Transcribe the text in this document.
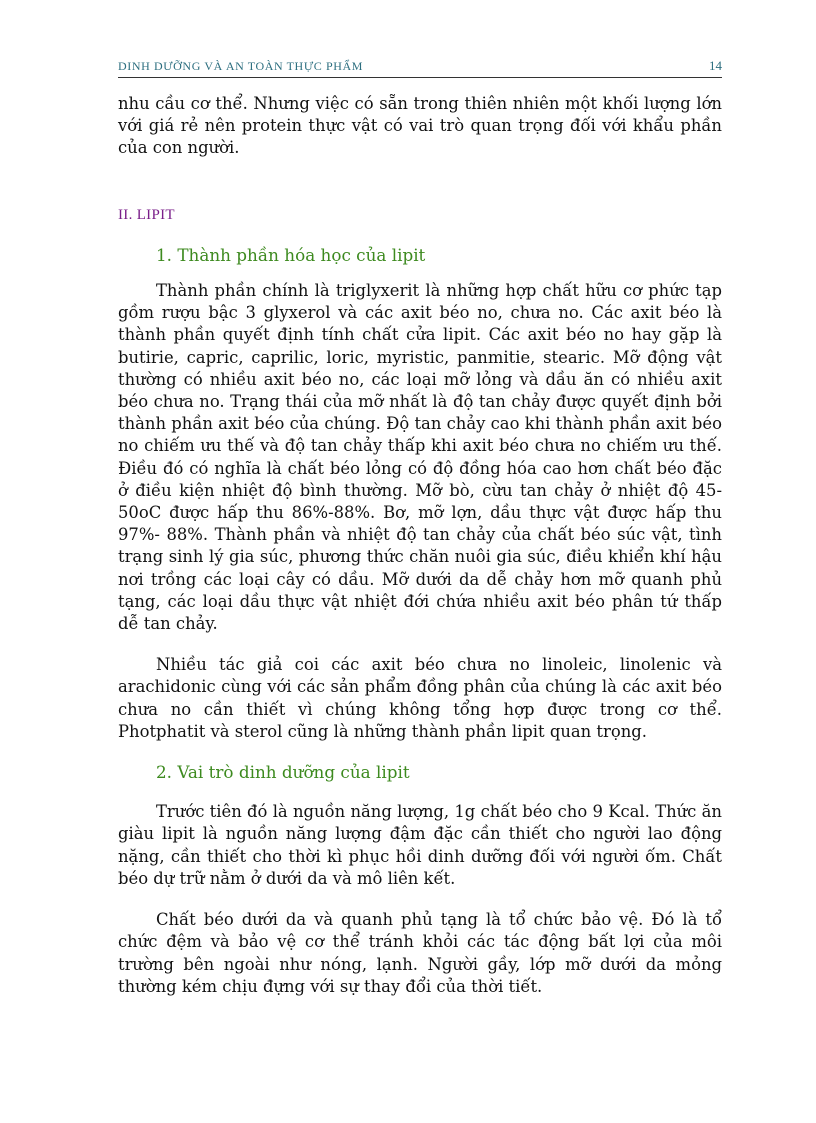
DINH DƯỠNG VÀ AN TOÀN THỰC PHẨM	14

nhu cầu cơ thể. Nhưng việc có sẵn trong thiên nhiên một khối lượng lớn với giá rẻ nên protein thực vật có vai trò quan trọng đối với khẩu phần của con người.

II. LIPIT

1. Thành phần hóa học của lipit

Thành phần chính là triglyxerit là những hợp chất hữu cơ phức tạp gồm rượu bậc 3 glyxerol và các axit béo no, chưa no. Các axit béo là thành phần quyết định tính chất cửa lipit. Các axit béo no hay gặp là butirie, capric, caprilic, loric, myristic, panmitie, stearic. Mỡ động vật thường có nhiều axit béo no, các loại mỡ lỏng và dầu ăn có nhiều axit béo chưa no. Trạng thái của mỡ nhất là độ tan chảy được quyết định bởi thành phần axit béo của chúng. Độ tan chảy cao khi thành phần axit béo no chiếm ưu thế và độ tan chảy thấp khi axit béo chưa no chiếm ưu thế. Điều đó có nghĩa là chất béo lỏng có độ đồng hóa cao hơn chất béo đặc ở điều kiện nhiệt độ bình thường. Mỡ bò, cừu tan chảy ở nhiệt độ 45-50oC được hấp thu 86%-88%. Bơ, mỡ lợn, dầu thực vật được hấp thu 97%- 88%. Thành phần và nhiệt độ tan chảy của chất béo súc vật, tình trạng sinh lý gia súc, phương thức chăn nuôi gia súc, điều khiển khí hậu nơi trồng các loại cây có dầu. Mỡ dưới da dễ chảy hơn mỡ quanh phủ tạng, các loại dầu thực vật nhiệt đới chứa nhiều axit béo phân tứ thấp dễ tan chảy.

Nhiều tác giả coi các axit béo chưa no linoleic, linolenic và arachidonic cùng với các sản phẩm đồng phân của chúng là các axit béo chưa no cần thiết vì chúng không tổng hợp được trong cơ thể. Photphatit và sterol cũng là những thành phần lipit quan trọng.

2. Vai trò dinh dưỡng của lipit

Trước tiên đó là nguồn năng lượng, 1g chất béo cho 9 Kcal. Thức ăn giàu lipit là nguồn năng lượng đậm đặc cần thiết cho người lao động nặng, cần thiết cho thời kì phục hồi dinh dưỡng đối với người ốm. Chất béo dự trữ nằm ở dưới da và mô liên kết.

Chất béo dưới da và quanh phủ tạng là tổ chức bảo vệ. Đó là tổ chức đệm và bảo vệ cơ thể tránh khỏi các tác động bất lợi của môi trường bên ngoài như nóng, lạnh. Người gầy, lớp mỡ dưới da mỏng thường kém chịu đựng với sự thay đổi của thời tiết.
